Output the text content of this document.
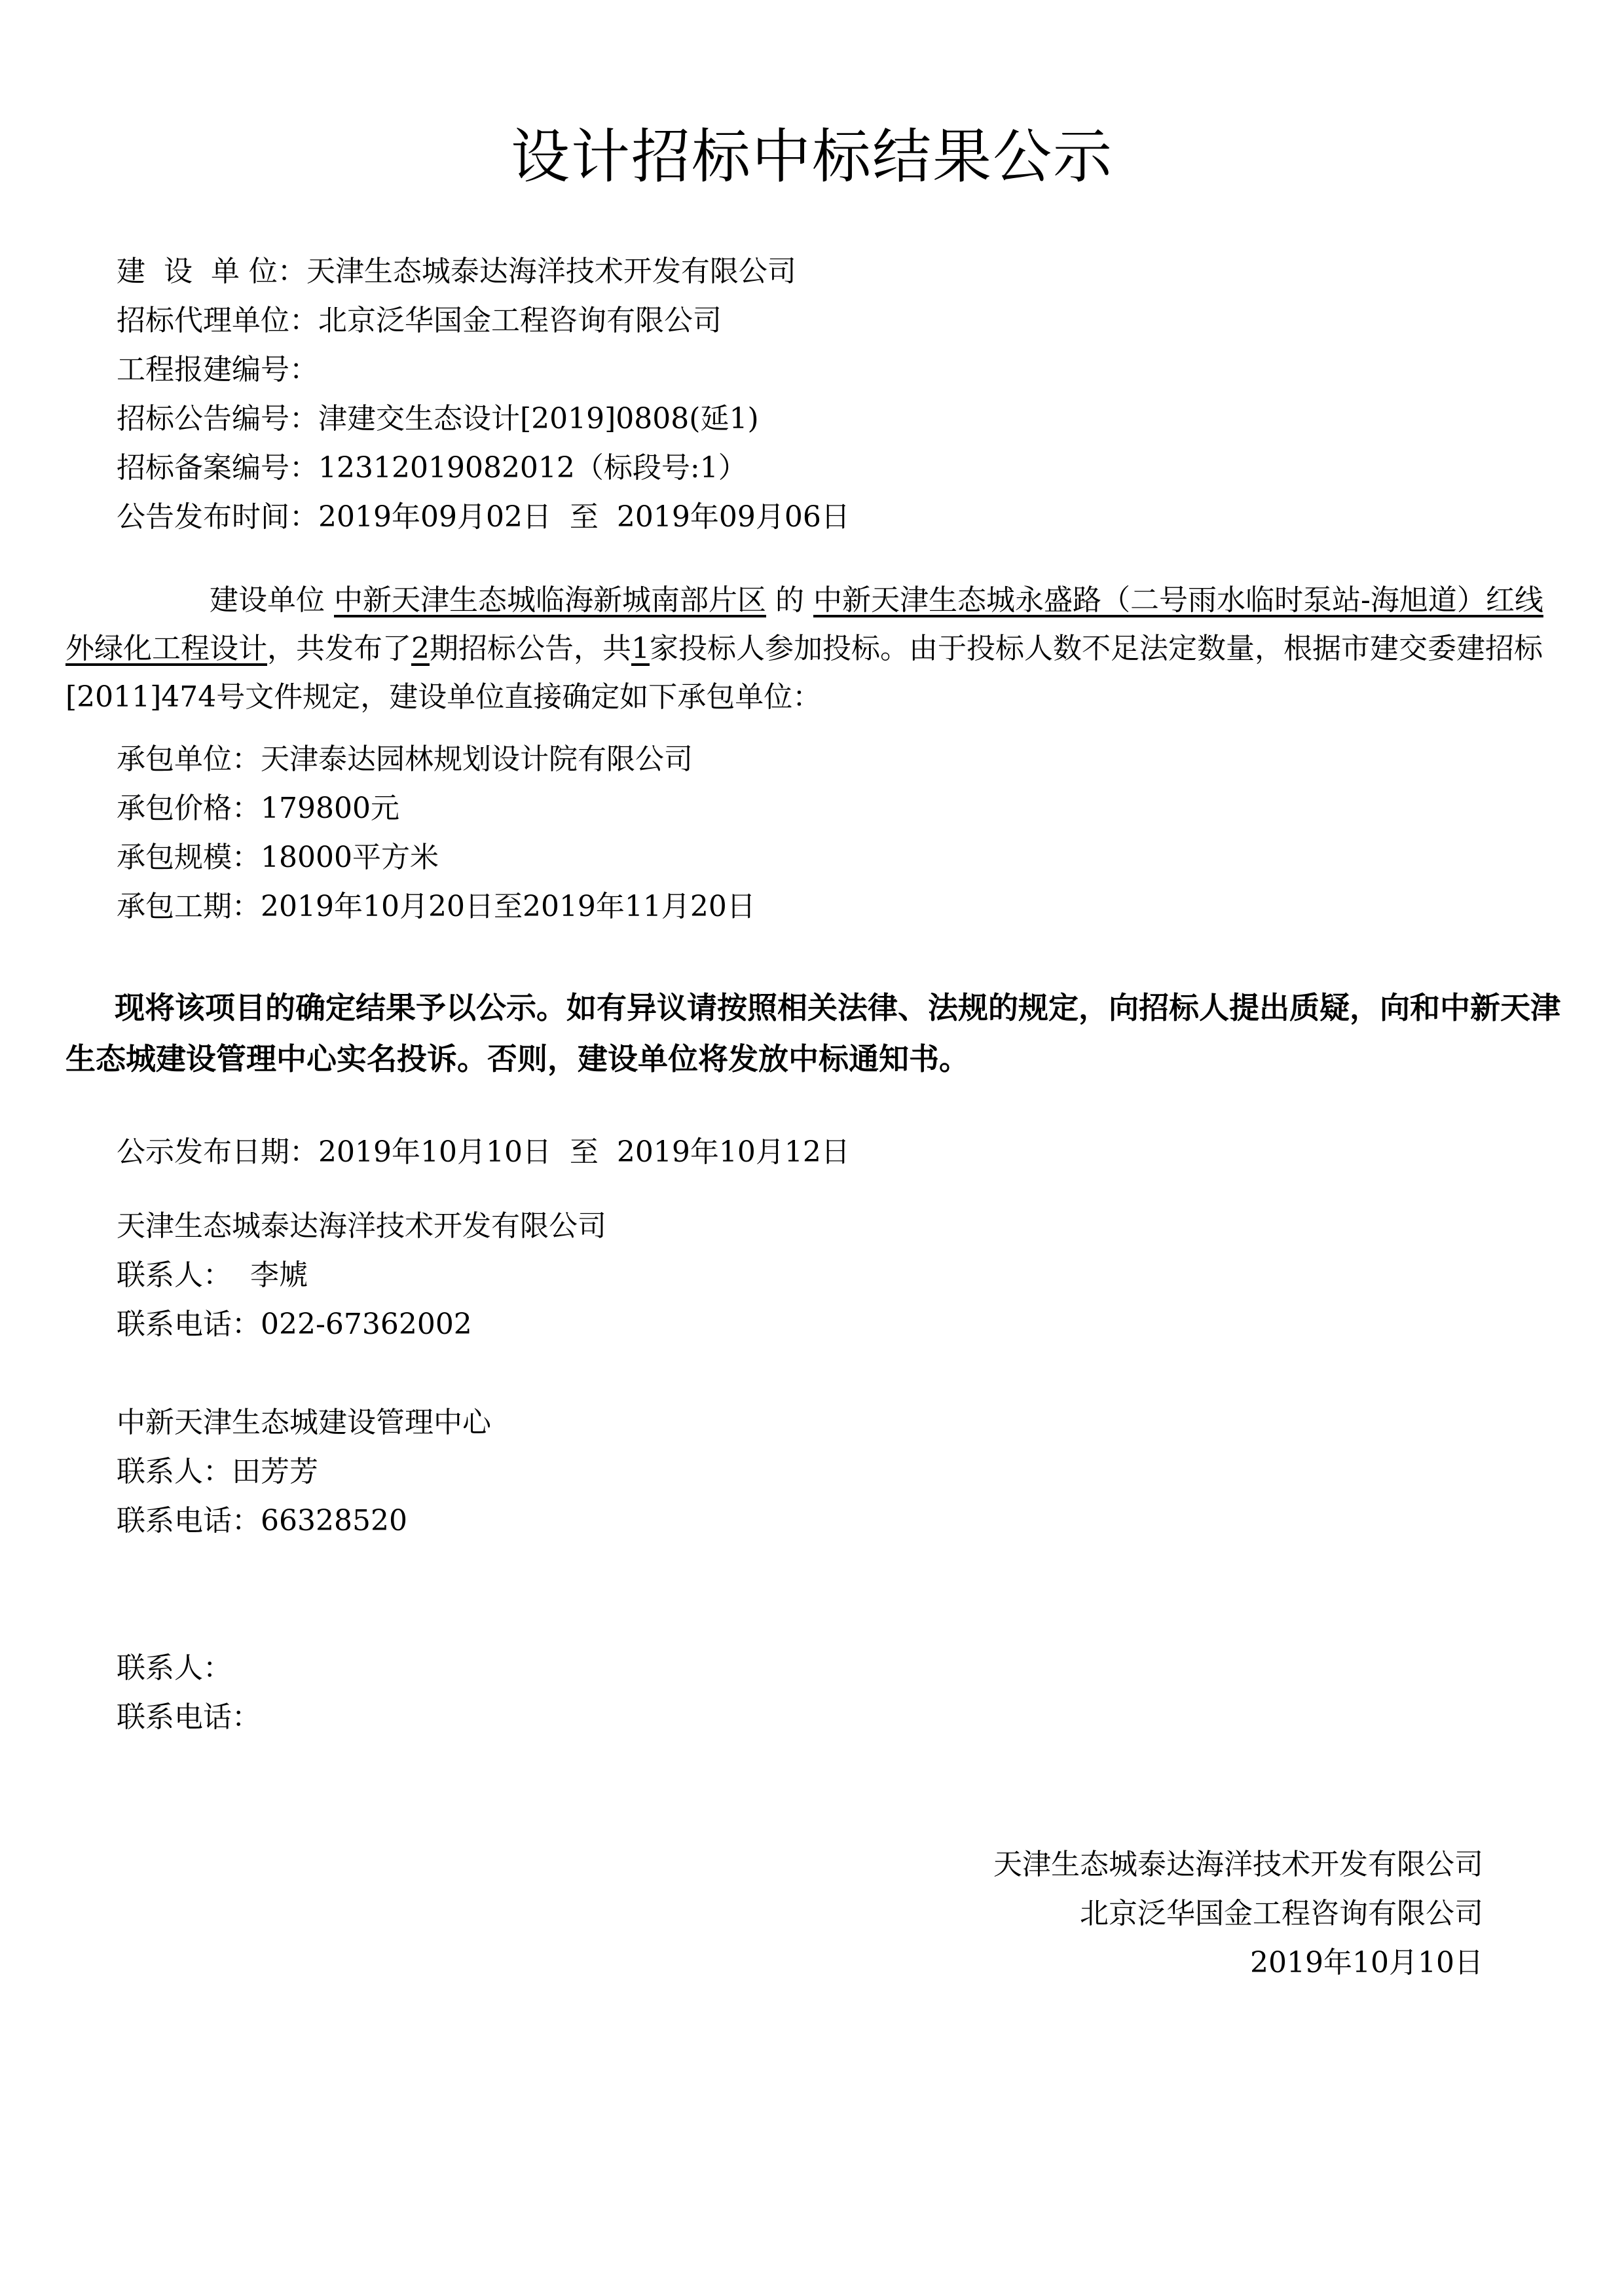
设计招标中标结果公示
建  设  单 位：天津生态城泰达海洋技术开发有限公司
招标代理单位：北京泛华国金工程咨询有限公司
工程报建编号：
招标公告编号：津建交生态设计[2019]0808(延1)
招标备案编号：12312019082012（标段号:1）
公告发布时间：2019年09月02日  至  2019年09月06日
建设单位 中新天津生态城临海新城南部片区 的 中新天津生态城永盛路（二号雨水临时泵站-海旭道）红线外绿化工程设计，共发布了2期招标公告，共1家投标人参加投标。由于投标人数不足法定数量，根据市建交委建招标[2011]474号文件规定，建设单位直接确定如下承包单位：
承包单位：天津泰达园林规划设计院有限公司
承包价格：179800元
承包规模：18000平方米
承包工期：2019年10月20日至2019年11月20日
现将该项目的确定结果予以公示。如有异议请按照相关法律、法规的规定，向招标人提出质疑，向和中新天津生态城建设管理中心实名投诉。否则，建设单位将发放中标通知书。
公示发布日期：2019年10月10日  至  2019年10月12日
天津生态城泰达海洋技术开发有限公司
联系人：  李虓
联系电话：022-67362002
中新天津生态城建设管理中心
联系人：田芳芳
联系电话：66328520
联系人：
联系电话：
天津生态城泰达海洋技术开发有限公司
北京泛华国金工程咨询有限公司
2019年10月10日
